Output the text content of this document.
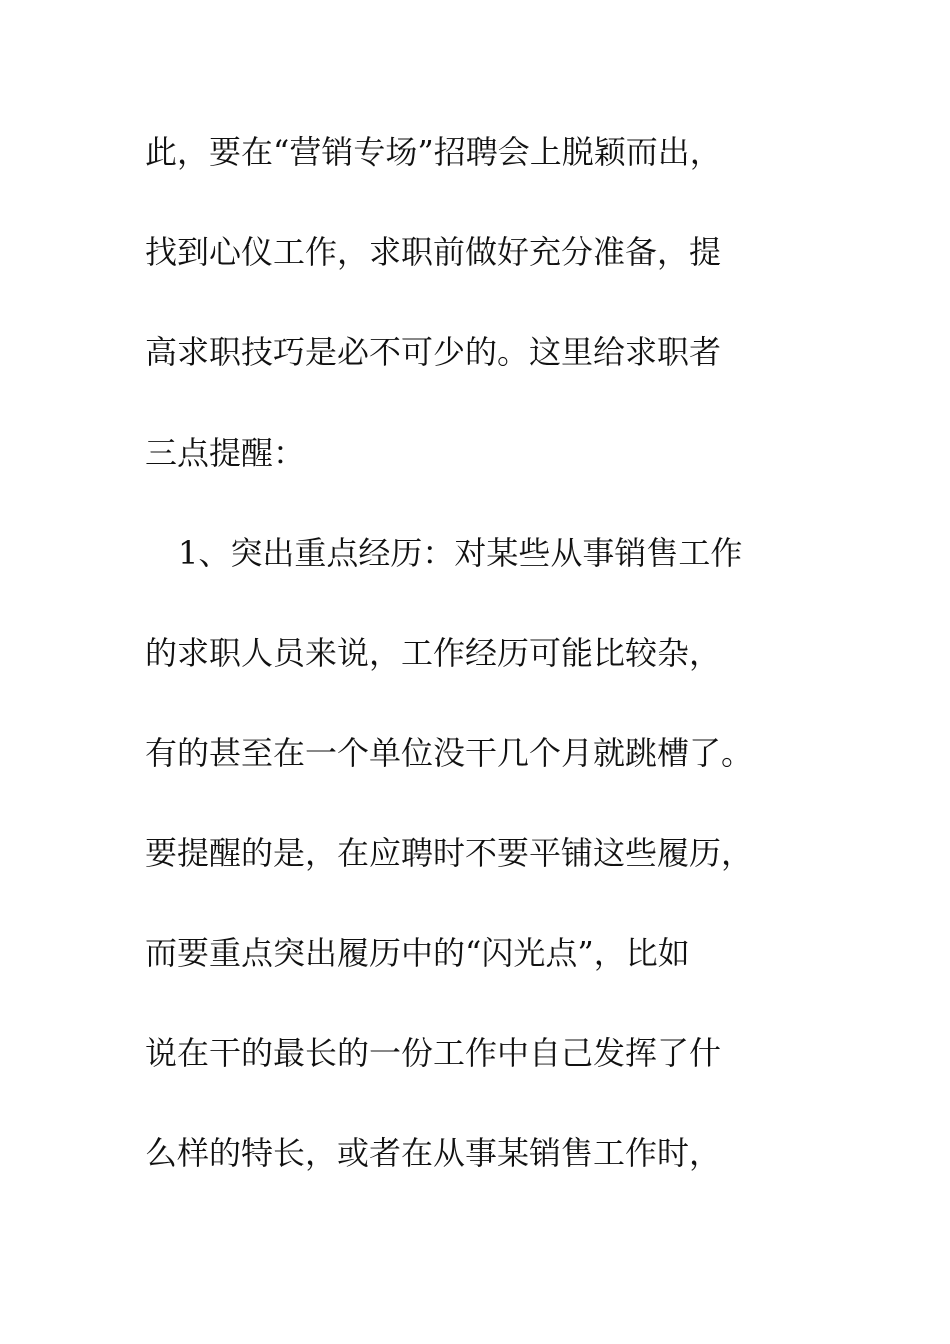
此，要在“营销专场”招聘会上脱颖而出，
找到心仪工作，求职前做好充分准备，提
高求职技巧是必不可少的。这里给求职者
三点提醒：
1、突出重点经历：对某些从事销售工作
的求职人员来说，工作经历可能比较杂，
有的甚至在一个单位没干几个月就跳槽了。
要提醒的是，在应聘时不要平铺这些履历，
而要重点突出履历中的“闪光点”，比如
说在干的最长的一份工作中自己发挥了什
么样的特长，或者在从事某销售工作时，
